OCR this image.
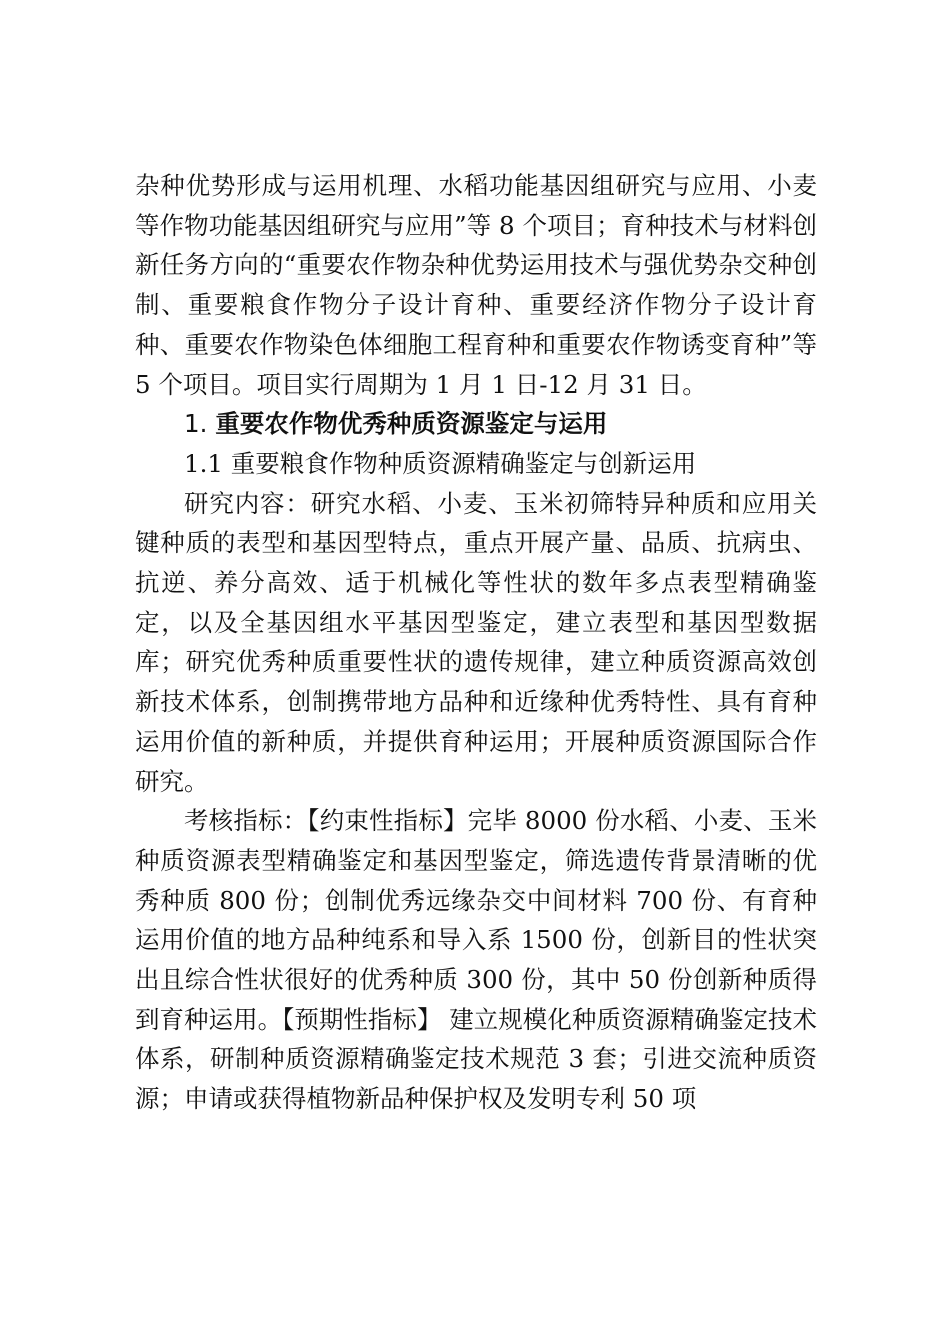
杂种优势形成与运用机理、水稻功能基因组研究与应用、小麦等作物功能基因组研究与应用”等 8 个项目；育种技术与材料创新任务方向的“重要农作物杂种优势运用技术与强优势杂交种创制、重要粮食作物分子设计育种、重要经济作物分子设计育种、重要农作物染色体细胞工程育种和重要农作物诱变育种”等 5 个项目。项目实行周期为 1 月 1 日-12 月 31 日。

1. 重要农作物优秀种质资源鉴定与运用

1.1 重要粮食作物种质资源精确鉴定与创新运用

研究内容：研究水稻、小麦、玉米初筛特异种质和应用关键种质的表型和基因型特点，重点开展产量、品质、抗病虫、抗逆、养分高效、适于机械化等性状的数年多点表型精确鉴定，以及全基因组水平基因型鉴定，建立表型和基因型数据库；研究优秀种质重要性状的遗传规律，建立种质资源高效创新技术体系，创制携带地方品种和近缘种优秀特性、具有育种运用价值的新种质，并提供育种运用；开展种质资源国际合作研究。

考核指标：【约束性指标】完毕 8000 份水稻、小麦、玉米种质资源表型精确鉴定和基因型鉴定，筛选遗传背景清晰的优秀种质 800 份；创制优秀远缘杂交中间材料 700 份、有育种运用价值的地方品种纯系和导入系 1500 份，创新目的性状突出且综合性状很好的优秀种质 300 份，其中 50 份创新种质得到育种运用。【预期性指标】 建立规模化种质资源精确鉴定技术体系，研制种质资源精确鉴定技术规范 3 套；引进交流种质资源；申请或获得植物新品种保护权及发明专利 50 项
